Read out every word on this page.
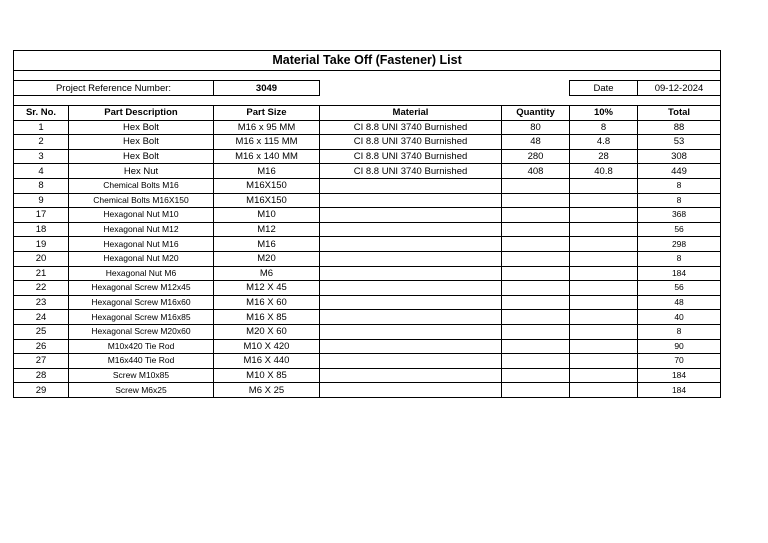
Material Take Off (Fastener) List						

Project Reference Number:		3049			Date	09-12-2024

Sr. No.	Part Description	Part Size	Material	Quantity	10%	Total
1	Hex Bolt	M16 x 95 MM	CI 8.8 UNI 3740 Burnished	80	8	88
2	Hex Bolt	M16 x 115 MM	CI 8.8 UNI 3740 Burnished	48	4.8	53
3	Hex Bolt	M16 x 140 MM	CI 8.8 UNI 3740 Burnished	280	28	308
4	Hex Nut	M16	CI 8.8 UNI 3740 Burnished	408	40.8	449
8	Chemical Bolts M16	M16X150				8
9	Chemical Bolts M16X150	M16X150				8
17	Hexagonal Nut M10	M10				368
18	Hexagonal Nut M12	M12				56
19	Hexagonal Nut M16	M16				298
20	Hexagonal Nut M20	M20				8
21	Hexagonal Nut M6	M6				184
22	Hexagonal Screw M12x45	M12 X 45				56
23	Hexagonal Screw M16x60	M16 X 60				48
24	Hexagonal Screw M16x85	M16 X 85				40
25	Hexagonal Screw M20x60	M20 X 60				8
26	M10x420 Tie Rod	M10 X 420				90
27	M16x440 Tie Rod	M16 X 440				70
28	Screw M10x85	M10 X 85				184
29	Screw M6x25	M6 X 25				184
